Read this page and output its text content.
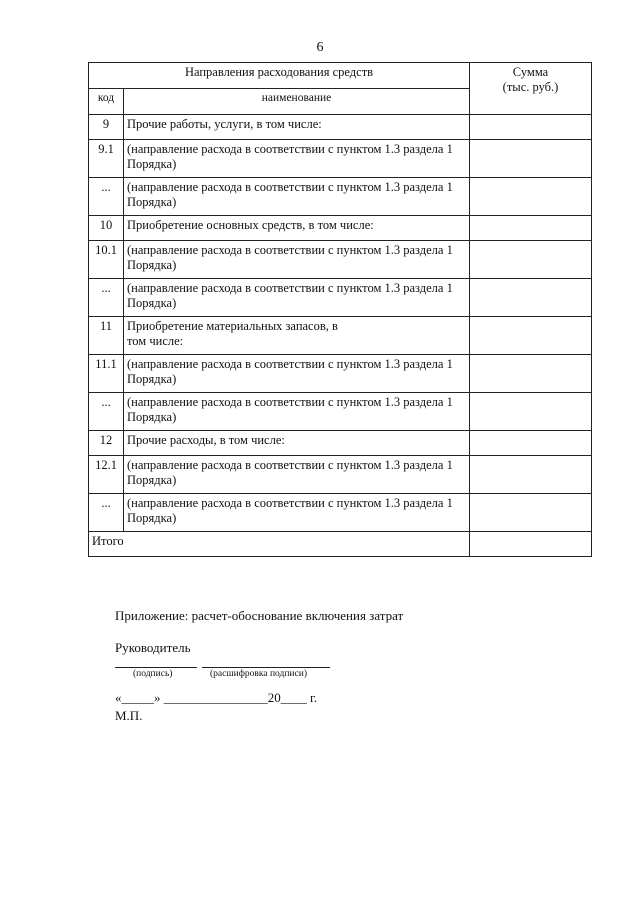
6
Направления расходования средств		Сумма
(тыс. руб.)

код	наименование	
9	Прочие работы, услуги, в том числе:	
9.1	(направление расхода в соответствии с пунктом 1.3 раздела 1 Порядка)	
...	(направление расхода в соответствии с пунктом 1.3 раздела 1 Порядка)	
10	Приобретение основных средств, в том числе:	
10.1	(направление расхода в соответствии с пунктом 1.3 раздела 1 Порядка)	
...	(направление расхода в соответствии с пунктом 1.3 раздела 1 Порядка)	
11	Приобретение материальных запасов, в том числе:	
11.1	(направление расхода в соответствии с пунктом 1.3 раздела 1 Порядка)	
...	(направление расхода в соответствии с пунктом 1.3 раздела 1 Порядка)	
12	Прочие расходы, в том числе:	
12.1	(направление расхода в соответствии с пунктом 1.3 раздела 1 Порядка)	
...	(направление расхода в соответствии с пунктом 1.3 раздела 1 Порядка)	
Итого		
Приложение: расчет-обоснование включения затрат
Руководитель
(подпись)	(расшифровка подписи)
«_____» ________________20____ г.
М.П.
